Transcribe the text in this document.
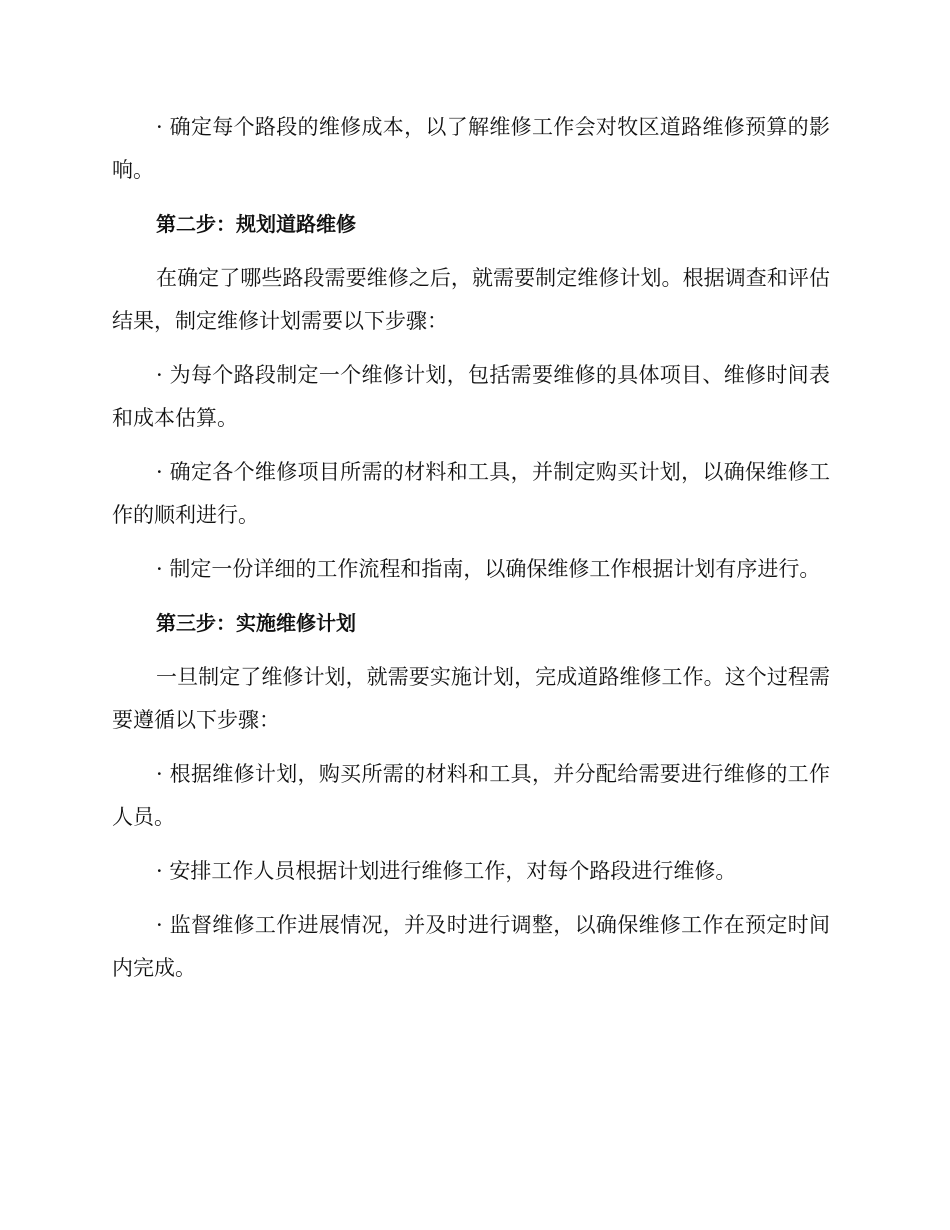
· 确定每个路段的维修成本，以了解维修工作会对牧区道路维修预算的影响。

第二步：规划道路维修

在确定了哪些路段需要维修之后，就需要制定维修计划。根据调查和评估结果，制定维修计划需要以下步骤：

· 为每个路段制定一个维修计划，包括需要维修的具体项目、维修时间表和成本估算。

· 确定各个维修项目所需的材料和工具，并制定购买计划，以确保维修工作的顺利进行。

· 制定一份详细的工作流程和指南，以确保维修工作根据计划有序进行。

第三步：实施维修计划

一旦制定了维修计划，就需要实施计划，完成道路维修工作。这个过程需要遵循以下步骤：

· 根据维修计划，购买所需的材料和工具，并分配给需要进行维修的工作人员。

· 安排工作人员根据计划进行维修工作，对每个路段进行维修。

· 监督维修工作进展情况，并及时进行调整，以确保维修工作在预定时间内完成。
